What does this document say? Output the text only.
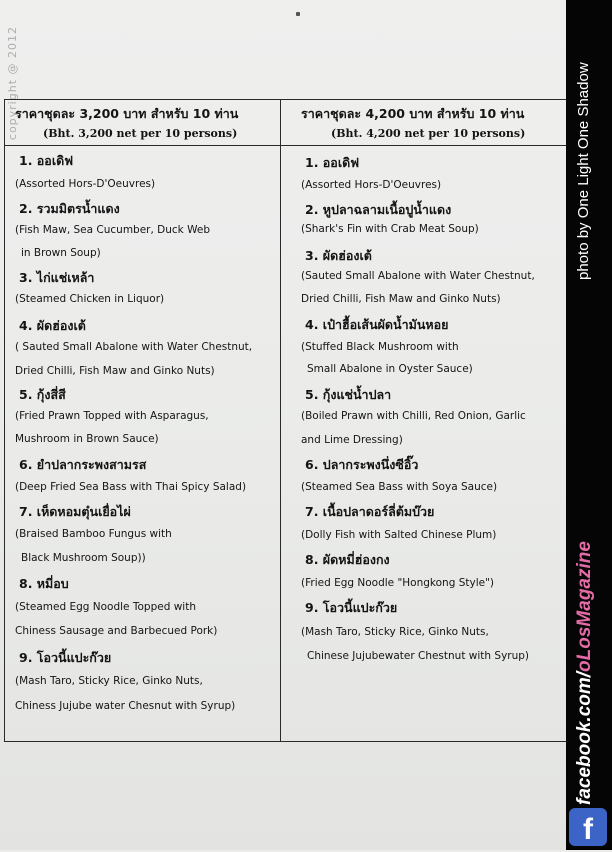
copyright @ 2012
ราคาชุดละ 3,200 บาท สำหรับ 10 ท่าน
(Bht. 3,200 net per 10 persons)
1. ออเดิฟ
(Assorted Hors-D'Oeuvres)
2. รวมมิตรน้ำแดง
(Fish Maw, Sea Cucumber, Duck Web
in Brown Soup)
3. ไก่แช่เหล้า
(Steamed Chicken in Liquor)
4. ผัดฮ่องเต้
( Sauted Small Abalone with Water Chestnut,
Dried Chilli, Fish Maw and Ginko Nuts)
5. กุ้งสี่สี
(Fried Prawn Topped with Asparagus,
Mushroom in Brown Sauce)
6. ยำปลากระพงสามรส
(Deep Fried Sea Bass with Thai Spicy Salad)
7. เห็ดหอมตุ๋นเยื่อไผ่
(Braised Bamboo Fungus with
Black Mushroom Soup))
8. หมี่อบ
(Steamed Egg Noodle Topped with
Chiness Sausage and Barbecued Pork)
9. โอวนี้แปะก๊วย
(Mash Taro, Sticky Rice, Ginko Nuts,
Chiness Jujube water Chesnut with Syrup)
ราคาชุดละ 4,200 บาท สำหรับ 10 ท่าน
(Bht. 4,200 net per 10 persons)
1. ออเดิฟ
(Assorted Hors-D'Oeuvres)
2. หูปลาฉลามเนื้อปูน้ำแดง
(Shark's Fin with Crab Meat Soup)
3. ผัดฮ่องเต้
(Sauted Small Abalone with Water Chestnut,
Dried Chilli, Fish Maw and Ginko Nuts)
4. เป๋าฮื้อเส้นผัดน้ำมันหอย
(Stuffed Black Mushroom with
Small Abalone in Oyster Sauce)
5. กุ้งแช่น้ำปลา
(Boiled Prawn with Chilli, Red Onion, Garlic
and Lime Dressing)
6. ปลากระพงนึ่งซีอิ๊ว
(Steamed Sea Bass with Soya Sauce)
7. เนื้อปลาดอร์ลี่ต้มบ๊วย
(Dolly Fish with Salted Chinese Plum)
8. ผัดหมี่ฮ่องกง
(Fried Egg Noodle "Hongkong Style")
9. โอวนี้แปะก๊วย
(Mash Taro, Sticky Rice, Ginko Nuts,
Chinese Jujubewater Chestnut with Syrup)
photo by One Light One Shadow
facebook.com/oLosMagazine
f
